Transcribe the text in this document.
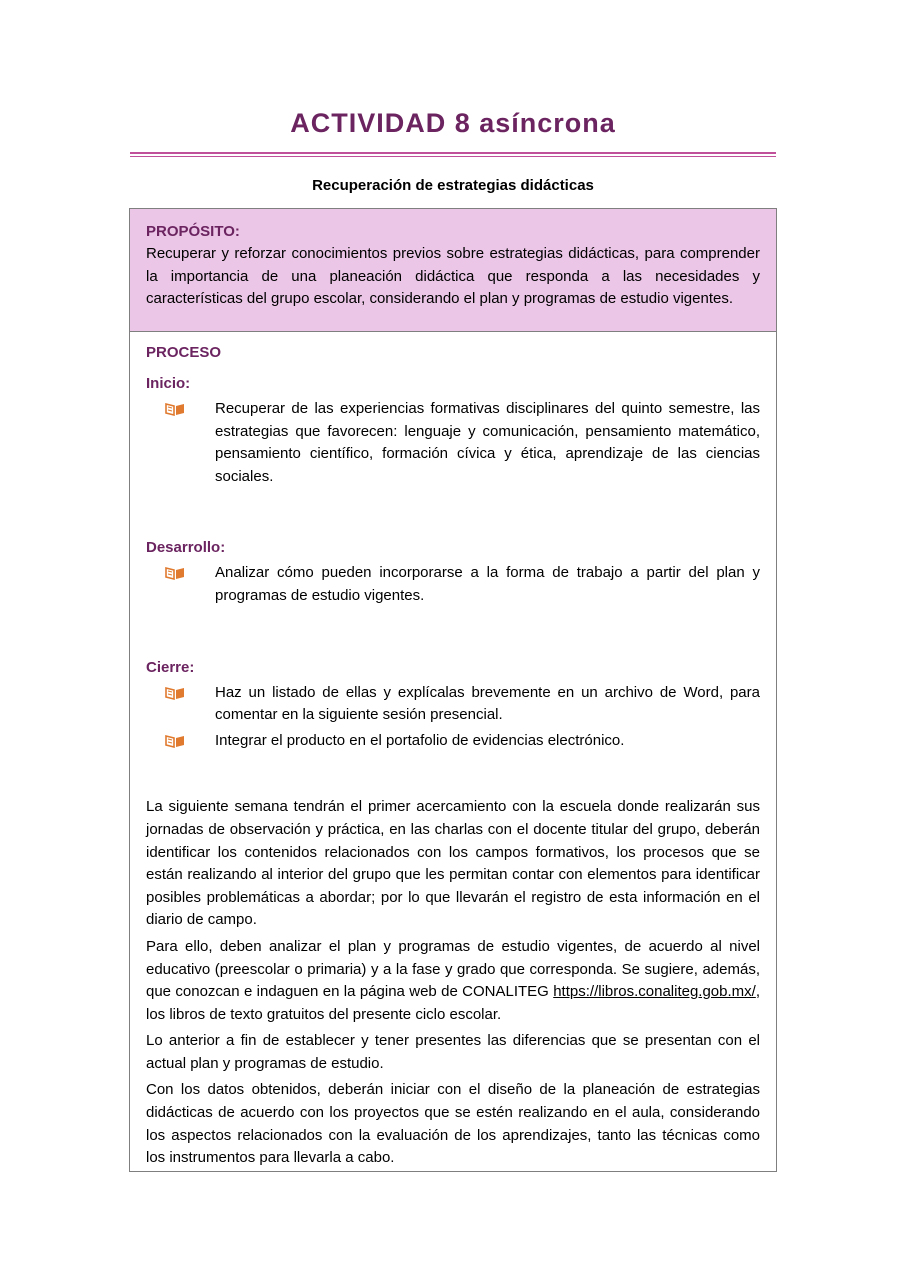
ACTIVIDAD 8 asíncrona
Recuperación de estrategias didácticas
PROPÓSITO:

Recuperar y reforzar conocimientos previos sobre estrategias didácticas, para comprender la importancia de una planeación didáctica que responda a las necesidades y características del grupo escolar, considerando el plan y programas de estudio vigentes.

PROCESO
Inicio:
Recuperar de las experiencias formativas disciplinares del quinto semestre, las estrategias que favorecen: lenguaje y comunicación, pensamiento matemático, pensamiento científico, formación cívica y ética, aprendizaje de las ciencias sociales.
Desarrollo:
Analizar cómo pueden incorporarse a la forma de trabajo a partir del plan y programas de estudio vigentes.
Cierre:
Haz un listado de ellas y explícalas brevemente en un archivo de Word, para comentar en la siguiente sesión presencial.
Integrar el producto en el portafolio de evidencias electrónico.

La siguiente semana tendrán el primer acercamiento con la escuela donde realizarán sus jornadas de observación y práctica, en las charlas con el docente titular del grupo, deberán identificar los contenidos relacionados con los campos formativos, los procesos que se están realizando al interior del grupo que les permitan contar con elementos para identificar posibles problemáticas a abordar; por lo que llevarán el registro de esta información en el diario de campo.

Para ello, deben analizar el plan y programas de estudio vigentes, de acuerdo al nivel educativo (preescolar o primaria) y a la fase y grado que corresponda. Se sugiere, además, que conozcan e indaguen en la página web de CONALITEG https://libros.conaliteg.gob.mx/, los libros de texto gratuitos del presente ciclo escolar.

Lo anterior a fin de establecer y tener presentes las diferencias que se presentan con el actual plan y programas de estudio.

Con los datos obtenidos, deberán iniciar con el diseño de la planeación de estrategias didácticas de acuerdo con los proyectos que se estén realizando en el aula, considerando los aspectos relacionados con la evaluación de los aprendizajes, tanto las técnicas como los instrumentos para llevarla a cabo.
